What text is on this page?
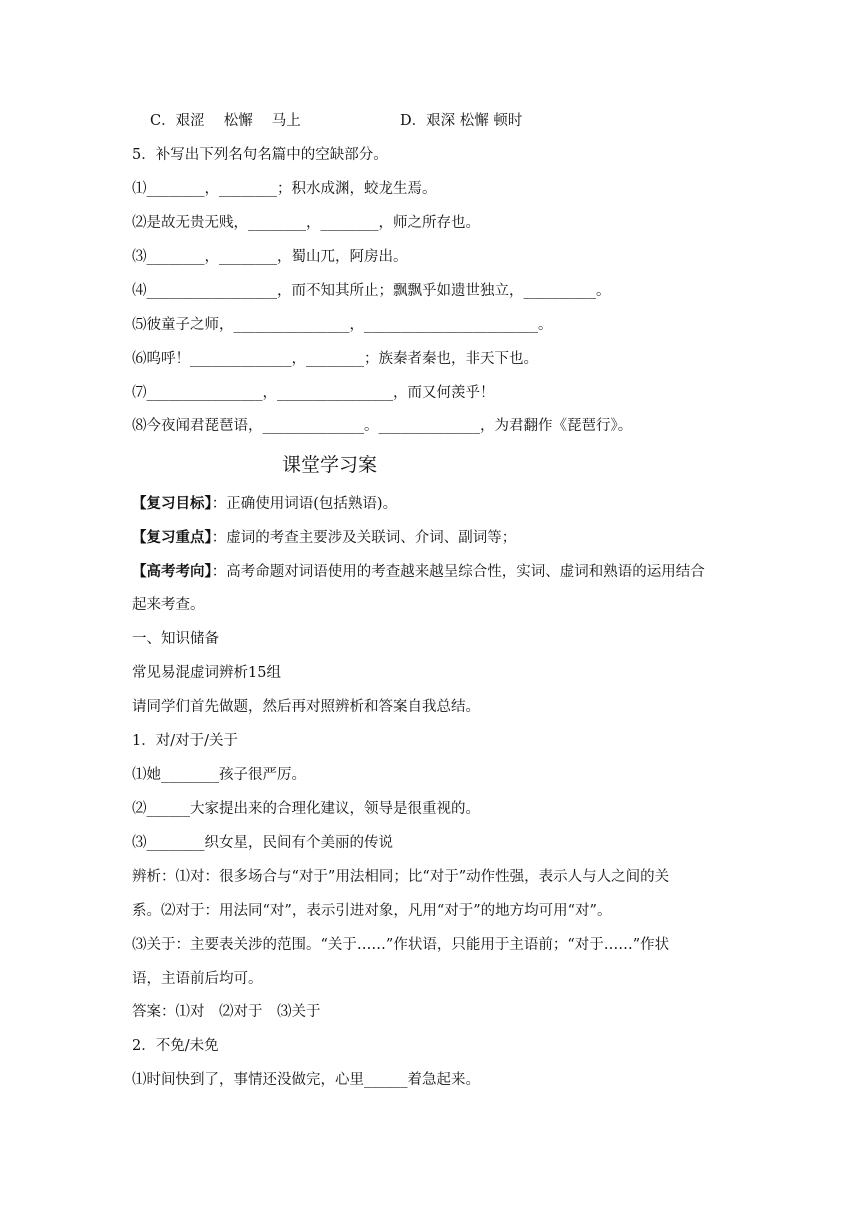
C．艰涩　 松懈　 马上	D．艰深 松懈 顿时
5．补写出下列名句名篇中的空缺部分。
⑴________，________；积水成渊，蛟龙生焉。
⑵是故无贵无贱，________，________，师之所存也。
⑶________，________，蜀山兀，阿房出。
⑷__________________，而不知其所止；飘飘乎如遗世独立，__________。
⑸彼童子之师，________________，________________________。
⑹呜呼！______________，________；族秦者秦也，非天下也。
⑺________________，________________，而又何羡乎！
⑻今夜闻君琵琶语，______________。______________，为君翻作《琵琶行》。
课堂学习案
【复习目标】：正确使用词语(包括熟语)。
【复习重点】：虚词的考查主要涉及关联词、介词、副词等；
【高考考向】：高考命题对词语使用的考查越来越呈综合性，实词、虚词和熟语的运用结合
起来考查。
一、知识储备
常见易混虚词辨析15组
请同学们首先做题，然后再对照辨析和答案自我总结。
1．对/对于/关于
⑴她________孩子很严厉。
⑵______大家提出来的合理化建议，领导是很重视的。
⑶________织女星，民间有个美丽的传说
辨析：⑴对：很多场合与“对于”用法相同；比“对于”动作性强，表示人与人之间的关
系。⑵对于：用法同“对”，表示引进对象，凡用“对于”的地方均可用“对”。
⑶关于：主要表关涉的范围。“关于……”作状语，只能用于主语前；“对于……”作状
语，主语前后均可。
答案：⑴对　⑵对于　⑶关于
2．不免/未免
⑴时间快到了，事情还没做完，心里______着急起来。
